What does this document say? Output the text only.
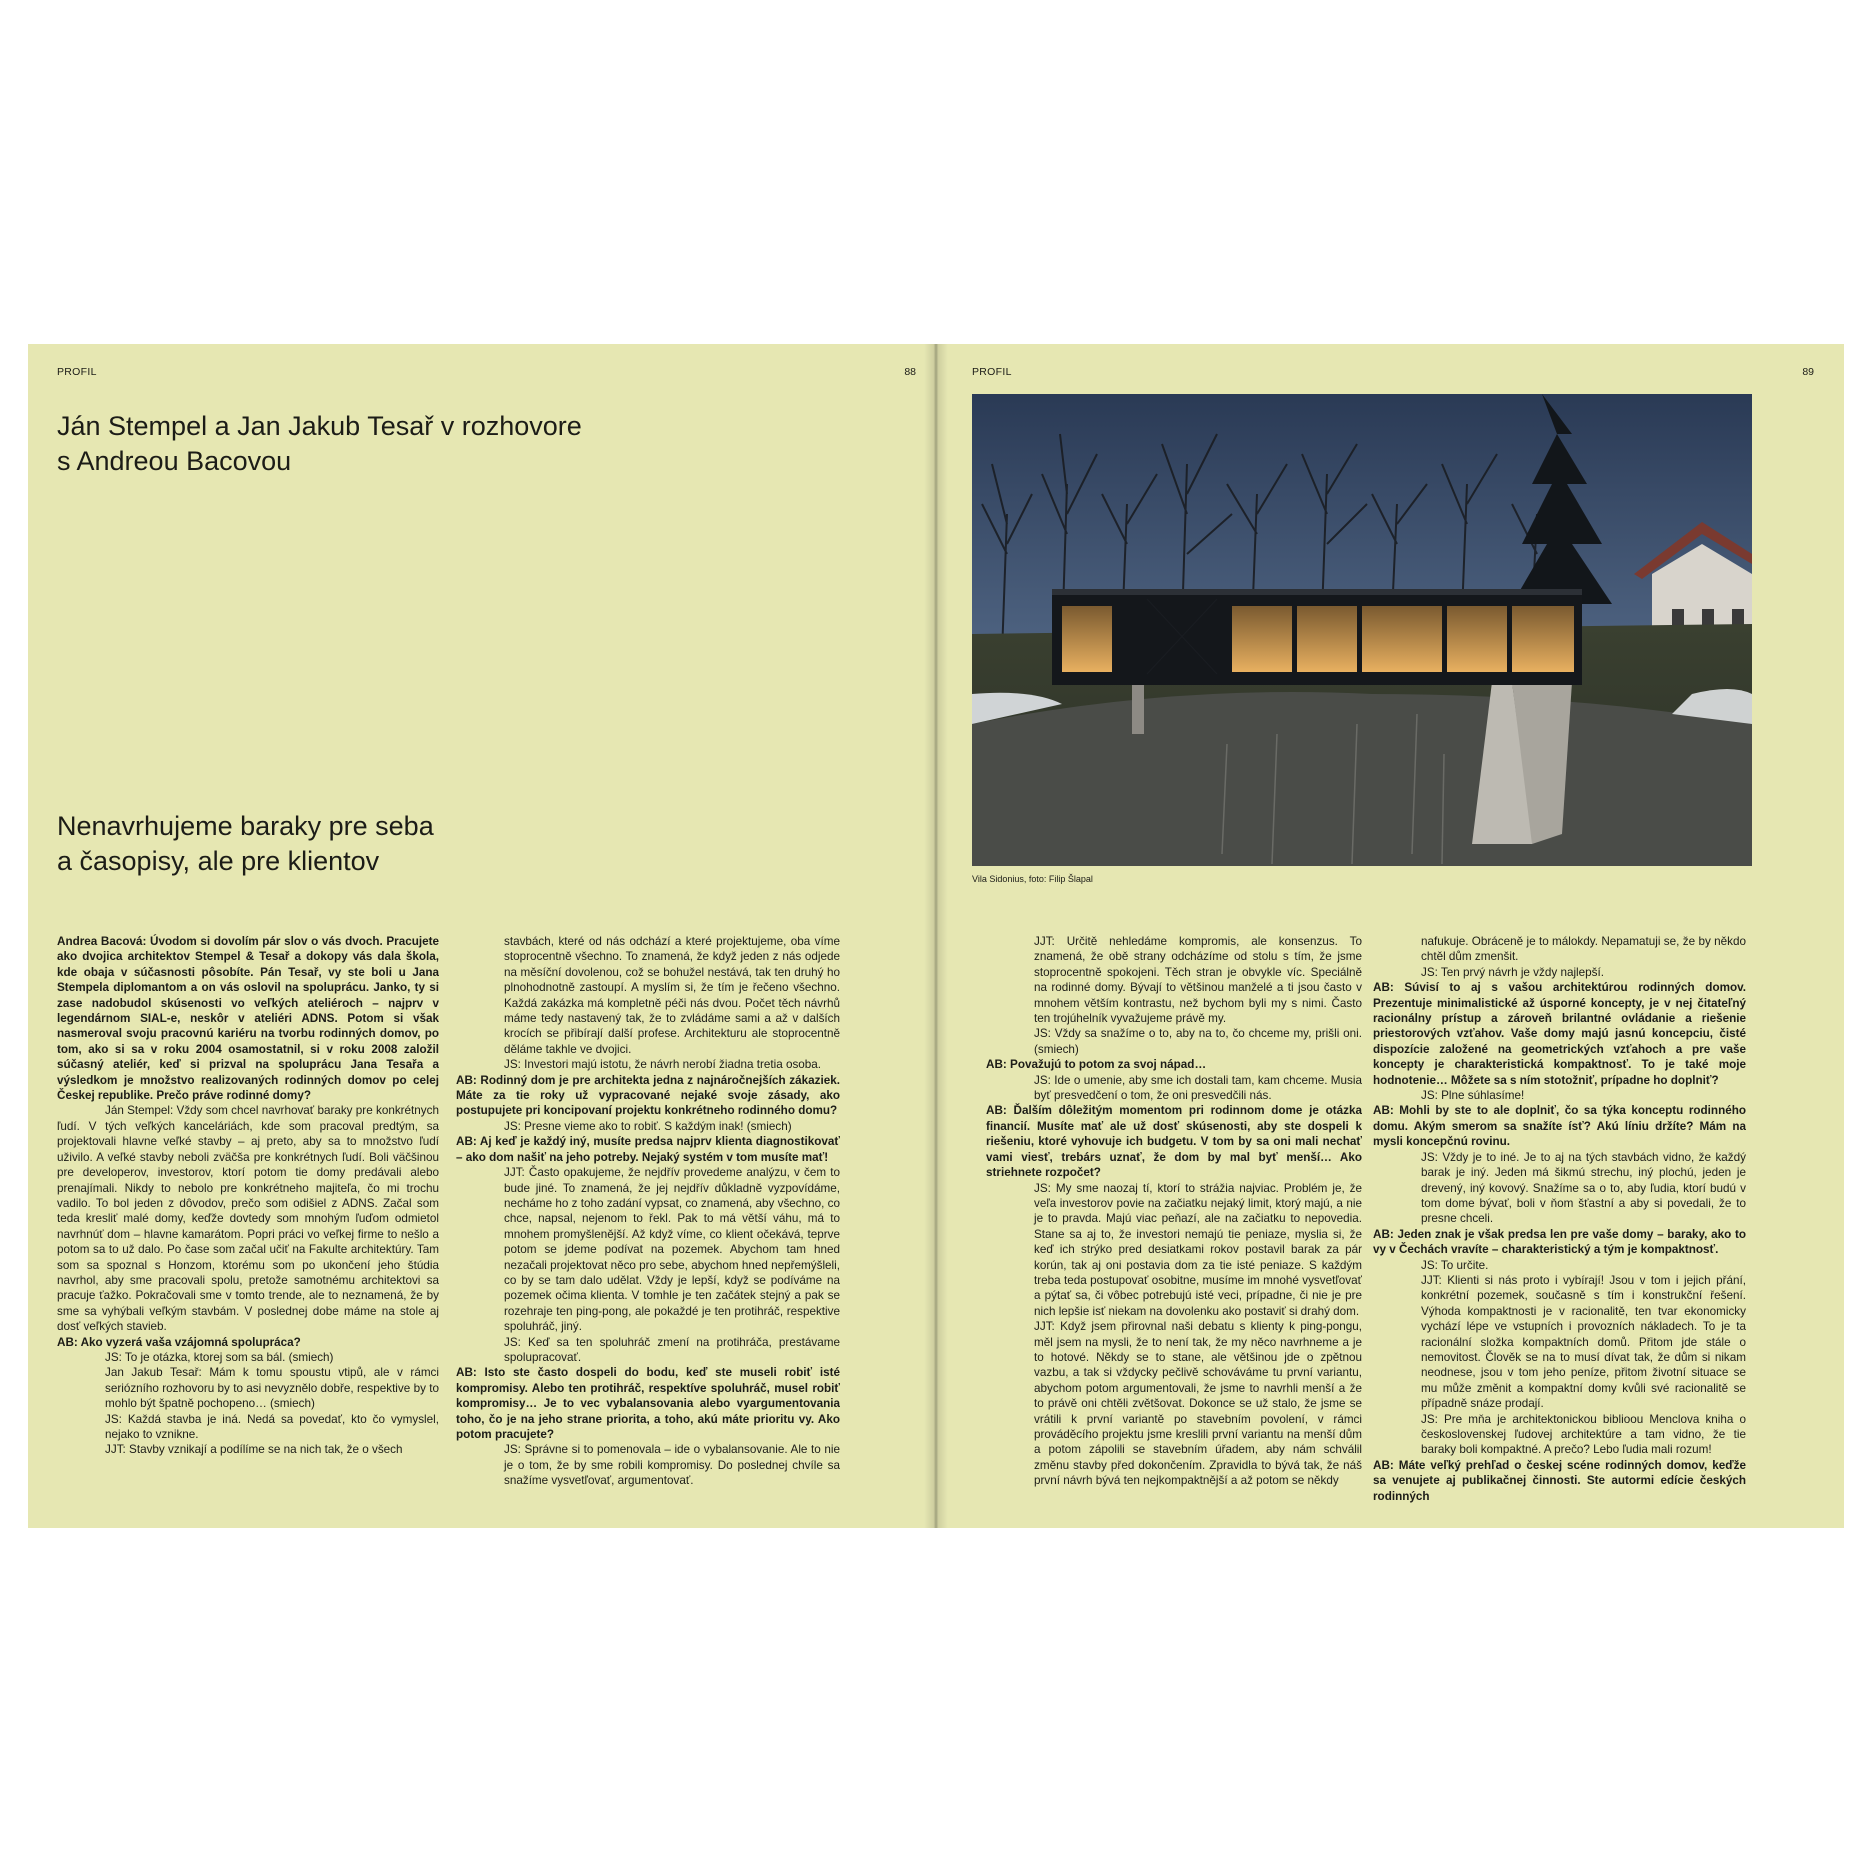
PROFIL	88
Ján Stempel a Jan Jakub Tesař v rozhovore
s Andreou Bacovou
Nenavrhujeme baraky pre seba
a časopisy, ale pre klientov

Andrea Bacová: Úvodom si dovolím pár slov o vás dvoch. Pracujete ako dvojica architektov Stempel & Tesař a dokopy vás dala škola, kde obaja v súčasnosti pôsobíte. Pán Tesař, vy ste boli u Jana Stempela diplomantom a on vás oslovil na spoluprácu. Janko, ty si zase nadobudol skúsenosti vo veľkých ateliéroch – najprv v legendárnom SIAL-e, neskôr v ateliéri ADNS. Potom si však nasmeroval svoju pracovnú kariéru na tvorbu rodinných domov, po tom, ako si sa v roku 2004 osamostatnil, si v roku 2008 založil súčasný ateliér, keď si prizval na spoluprácu Jana Tesařa a výsledkom je množstvo realizovaných rodinných domov po celej Českej republike. Prečo práve rodinné domy?

Ján Stempel: Vždy som chcel navrhovať baraky pre konkrétnych ľudí. V tých veľkých kanceláriách, kde som pracoval predtým, sa projektovali hlavne veľké stavby – aj preto, aby sa to množstvo ľudí uživilo. A veľké stavby neboli zväčša pre konkrétnych ľudí. Boli väčšinou pre developerov, investorov, ktorí potom tie domy predávali alebo prenajímali. Nikdy to nebolo pre konkrétneho majiteľa, čo mi trochu vadilo. To bol jeden z dôvodov, prečo som odišiel z ADNS. Začal som teda kresliť malé domy, keďže dovtedy som mnohým ľuďom odmietol navrhnúť dom – hlavne kamarátom. Popri práci vo veľkej firme to nešlo a potom sa to už dalo. Po čase som začal učiť na Fakulte architektúry. Tam som sa spoznal s Honzom, ktorému som po ukončení jeho štúdia navrhol, aby sme pracovali spolu, pretože samotnému architektovi sa pracuje ťažko. Pokračovali sme v tomto trende, ale to neznamená, že by sme sa vyhýbali veľkým stavbám. V poslednej dobe máme na stole aj dosť veľkých stavieb.

AB: Ako vyzerá vaša vzájomná spolupráca?

JS: To je otázka, ktorej som sa bál. (smiech)

Jan Jakub Tesař: Mám k tomu spoustu vtipů, ale v rámci seriózního rozhovoru by to asi nevyznělo dobře, respektive by to mohlo být špatně pochopeno… (smiech)

JS: Každá stavba je iná. Nedá sa povedať, kto čo vymyslel, nejako to vznikne.

JJT: Stavby vznikají a podílíme se na nich tak, že o všech

stavbách, které od nás odchází a které projektujeme, oba víme stoprocentně všechno. To znamená, že když jeden z nás odjede na měsíční dovolenou, což se bohužel nestává, tak ten druhý ho plnohodnotně zastoupí. A myslím si, že tím je řečeno všechno. Každá zakázka má kompletně péči nás dvou. Počet těch návrhů máme tedy nastavený tak, že to zvládáme sami a až v dalších krocích se přibírají další profese. Architekturu ale stoprocentně děláme takhle ve dvojici.

JS: Investori majú istotu, že návrh nerobí žiadna tretia osoba.

AB: Rodinný dom je pre architekta jedna z najnáročnejších zákaziek. Máte za tie roky už vypracované nejaké svoje zásady, ako postupujete pri koncipovaní projektu konkrétneho rodinného domu?

JS: Presne vieme ako to robiť. S každým inak! (smiech)

AB: Aj keď je každý iný, musíte predsa najprv klienta diagnostikovať – ako dom našiť na jeho potreby. Nejaký systém v tom musíte mať!

JJT: Často opakujeme, že nejdřív provedeme analýzu, v čem to bude jiné. To znamená, že jej nejdřív důkladně vyzpovídáme, necháme ho z toho zadání vypsat, co znamená, aby všechno, co chce, napsal, nejenom to řekl. Pak to má větší váhu, má to mnohem promyšlenější. Až když víme, co klient očekává, teprve potom se jdeme podívat na pozemek. Abychom tam hned nezačali projektovat něco pro sebe, abychom hned nepřemýšleli, co by se tam dalo udělat. Vždy je lepší, když se podíváme na pozemek očima klienta. V tomhle je ten začátek stejný a pak se rozehraje ten ping-pong, ale pokaždé je ten protihráč, respektive spoluhráč, jiný.

JS: Keď sa ten spoluhráč zmení na protihráča, prestávame spolupracovať.

AB: Isto ste často dospeli do bodu, keď ste museli robiť isté kompromisy. Alebo ten protihráč, respektíve spoluhráč, musel robiť kompromisy… Je to vec vybalansovania alebo vyargumentovania toho, čo je na jeho strane priorita, a toho, akú máte prioritu vy. Ako potom pracujete?

JS: Správne si to pomenovala – ide o vybalansovanie. Ale to nie je o tom, že by sme robili kompromisy. Do poslednej chvíle sa snažíme vysvetľovať, argumentovať.

PROFIL	89
Vila Sidonius, foto: Filip Šlapal

JJT: Určitě nehledáme kompromis, ale konsenzus. To znamená, že obě strany odcházíme od stolu s tím, že jsme stoprocentně spokojeni. Těch stran je obvykle víc. Speciálně na rodinné domy. Bývají to většinou manželé a ti jsou často v mnohem větším kontrastu, než bychom byli my s nimi. Často ten trojúhelník vyvažujeme právě my.

JS: Vždy sa snažíme o to, aby na to, čo chceme my, prišli oni. (smiech)

AB: Považujú to potom za svoj nápad…

JS: Ide o umenie, aby sme ich dostali tam, kam chceme. Musia byť presvedčení o tom, že oni presvedčili nás.

AB: Ďalším dôležitým momentom pri rodinnom dome je otázka financií. Musíte mať ale už dosť skúsenosti, aby ste dospeli k riešeniu, ktoré vyhovuje ich budgetu. V tom by sa oni mali nechať vami viesť, trebárs uznať, že dom by mal byť menší… Ako striehnete rozpočet?

JS: My sme naozaj tí, ktorí to strážia najviac. Problém je, že veľa investorov povie na začiatku nejaký limit, ktorý majú, a nie je to pravda. Majú viac peňazí, ale na začiatku to nepovedia. Stane sa aj to, že investori nemajú tie peniaze, myslia si, že keď ich strýko pred desiatkami rokov postavil barak za pár korún, tak aj oni postavia dom za tie isté peniaze. S každým treba teda postupovať osobitne, musíme im mnohé vysvetľovať a pýtať sa, či vôbec potrebujú isté veci, prípadne, či nie je pre nich lepšie isť niekam na dovolenku ako postaviť si drahý dom.

JJT: Když jsem přirovnal naši debatu s klienty k ping-pongu, měl jsem na mysli, že to není tak, že my něco navrhneme a je to hotové. Někdy se to stane, ale většinou jde o zpětnou vazbu, a tak si vždycky pečlivě schováváme tu první variantu, abychom potom argumentovali, že jsme to navrhli menší a že to právě oni chtěli zvětšovat. Dokonce se už stalo, že jsme se vrátili k první variantě po stavebním povolení, v rámci prováděcího projektu jsme kreslili první variantu na menší dům a potom zápolili se stavebním úřadem, aby nám schválil změnu stavby před dokončením. Zpravidla to bývá tak, že náš první návrh bývá ten nejkompaktnější a až potom se někdy

nafukuje. Obráceně je to málokdy. Nepamatuji se, že by někdo chtěl dům zmenšit.

JS: Ten prvý návrh je vždy najlepší.

AB: Súvisí to aj s vašou architektúrou rodinných domov. Prezentuje minimalistické až úsporné koncepty, je v nej čitateľný racionálny prístup a zároveň brilantné ovládanie a riešenie priestorových vzťahov. Vaše domy majú jasnú koncepciu, čisté dispozície založené na geometrických vzťahoch a pre vaše koncepty je charakteristická kompaktnosť. To je také moje hodnotenie… Môžete sa s ním stotožniť, prípadne ho doplniť?

JS: Plne súhlasíme!

AB: Mohli by ste to ale doplniť, čo sa týka konceptu rodinného domu. Akým smerom sa snažíte ísť? Akú líniu držíte? Mám na mysli koncepčnú rovinu.

JS: Vždy je to iné. Je to aj na tých stavbách vidno, že každý barak je iný. Jeden má šikmú strechu, iný plochú, jeden je drevený, iný kovový. Snažíme sa o to, aby ľudia, ktorí budú v tom dome bývať, boli v ňom šťastní a aby si povedali, že to presne chceli.

AB: Jeden znak je však predsa len pre vaše domy – baraky, ako to vy v Čechách vravíte – charakteristický a tým je kompaktnosť.

JS: To určite.

JJT: Klienti si nás proto i vybírají! Jsou v tom i jejich přání, konkrétní pozemek, současně s tím i konstrukční řešení. Výhoda kompaktnosti je v racionalitě, ten tvar ekonomicky vychází lépe ve vstupních i provozních nákladech. To je ta racionální složka kompaktních domů. Přitom jde stále o nemovitost. Člověk se na to musí dívat tak, že dům si nikam neodnese, jsou v tom jeho peníze, přitom životní situace se mu může změnit a kompaktní domy kvůli své racionalitě se případně snáze prodají.

JS: Pre mňa je architektonickou biblioou Menclova kniha o československej ľudovej architektúre a tam vidno, že tie baraky boli kompaktné. A prečo? Lebo ľudia mali rozum!

AB: Máte veľký prehľad o českej scéne rodinných domov, keďže sa venujete aj publikačnej činnosti. Ste autormi edície českých rodinných
